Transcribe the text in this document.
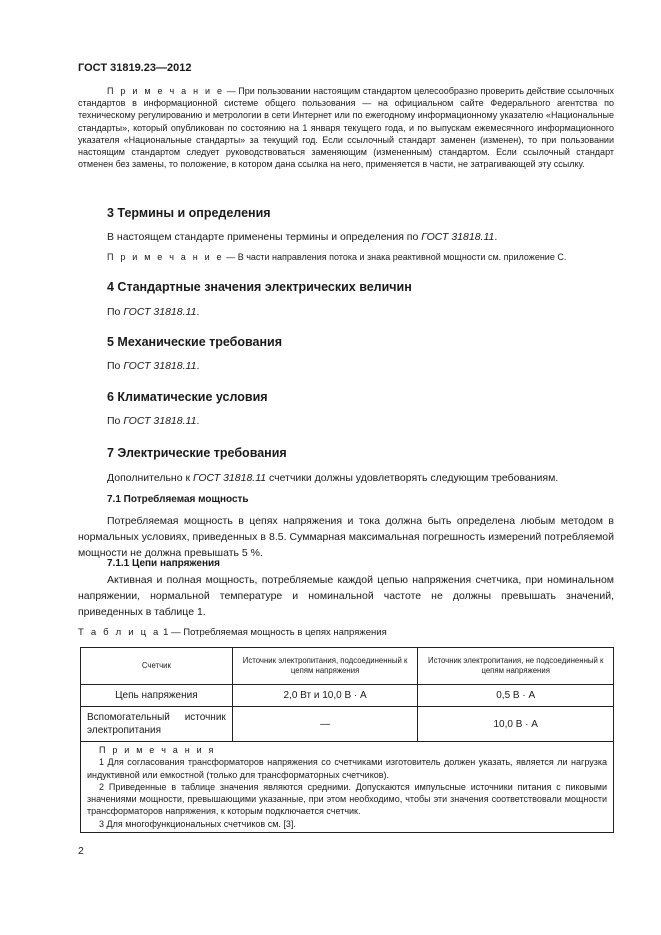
ГОСТ 31819.23—2012

П р и м е ч а н и е — При пользовании настоящим стандартом целесообразно проверить действие ссылочных стандартов в информационной системе общего пользования — на официальном сайте Федерального агентства по техническому регулированию и метрологии в сети Интернет или по ежегодному информационному указателю «Национальные стандарты», который опубликован по состоянию на 1 января текущего года, и по выпускам ежемесячного информационного указателя «Национальные стандарты» за текущий год. Если ссылочный стандарт заменен (изменен), то при пользовании настоящим стандартом следует руководствоваться заменяющим (измененным) стандартом. Если ссылочный стандарт отменен без замены, то положение, в котором дана ссылка на него, применяется в части, не затрагивающей эту ссылку.

3 Термины и определения
В настоящем стандарте применены термины и определения по ГОСТ 31818.11.
П р и м е ч а н и е — В части направления потока и знака реактивной мощности см. приложение С.
4 Стандартные значения электрических величин
По ГОСТ 31818.11.
5 Механические требования
По ГОСТ 31818.11.
6 Климатические условия
По ГОСТ 31818.11.
7 Электрические требования
Дополнительно к ГОСТ 31818.11 счетчики должны удовлетворять следующим требованиям.
7.1 Потребляемая мощность

Потребляемая мощность в цепях напряжения и тока должна быть определена любым методом в нормальных условиях, приведенных в 8.5. Суммарная максимальная погрешность измерений потребляемой мощности не должна превышать 5 %.

7.1.1 Цепи напряжения

Активная и полная мощность, потребляемые каждой цепью напряжения счетчика, при номинальном напряжении, нормальной температуре и номинальной частоте не должны превышать значений, приведенных в таблице 1.

Т а б л и ц а 1 — Потребляемая мощность в цепях напряжения
Счетчик	Источник электропитания, подсоединенный к цепям напряжения	Источник электропитания, не подсоединенный к цепям напряжения
Цепь напряжения	2,0 Вт и 10,0 В · А	0,5 В · А
Вспомогательный источник электропитания	—	10,0 В · А

П р и м е ч а н и я

1 Для согласования трансформаторов напряжения со счетчиками изготовитель должен указать, является ли нагрузка индуктивной или емкостной (только для трансформаторных счетчиков).

2 Приведенные в таблице значения являются средними. Допускаются импульсные источники питания с пиковыми значениями мощности, превышающими указанные, при этом необходимо, чтобы эти значения соответствовали мощности трансформаторов напряжения, к которым подключается счетчик.

3 Для многофункциональных счетчиков см. [3].		

2
